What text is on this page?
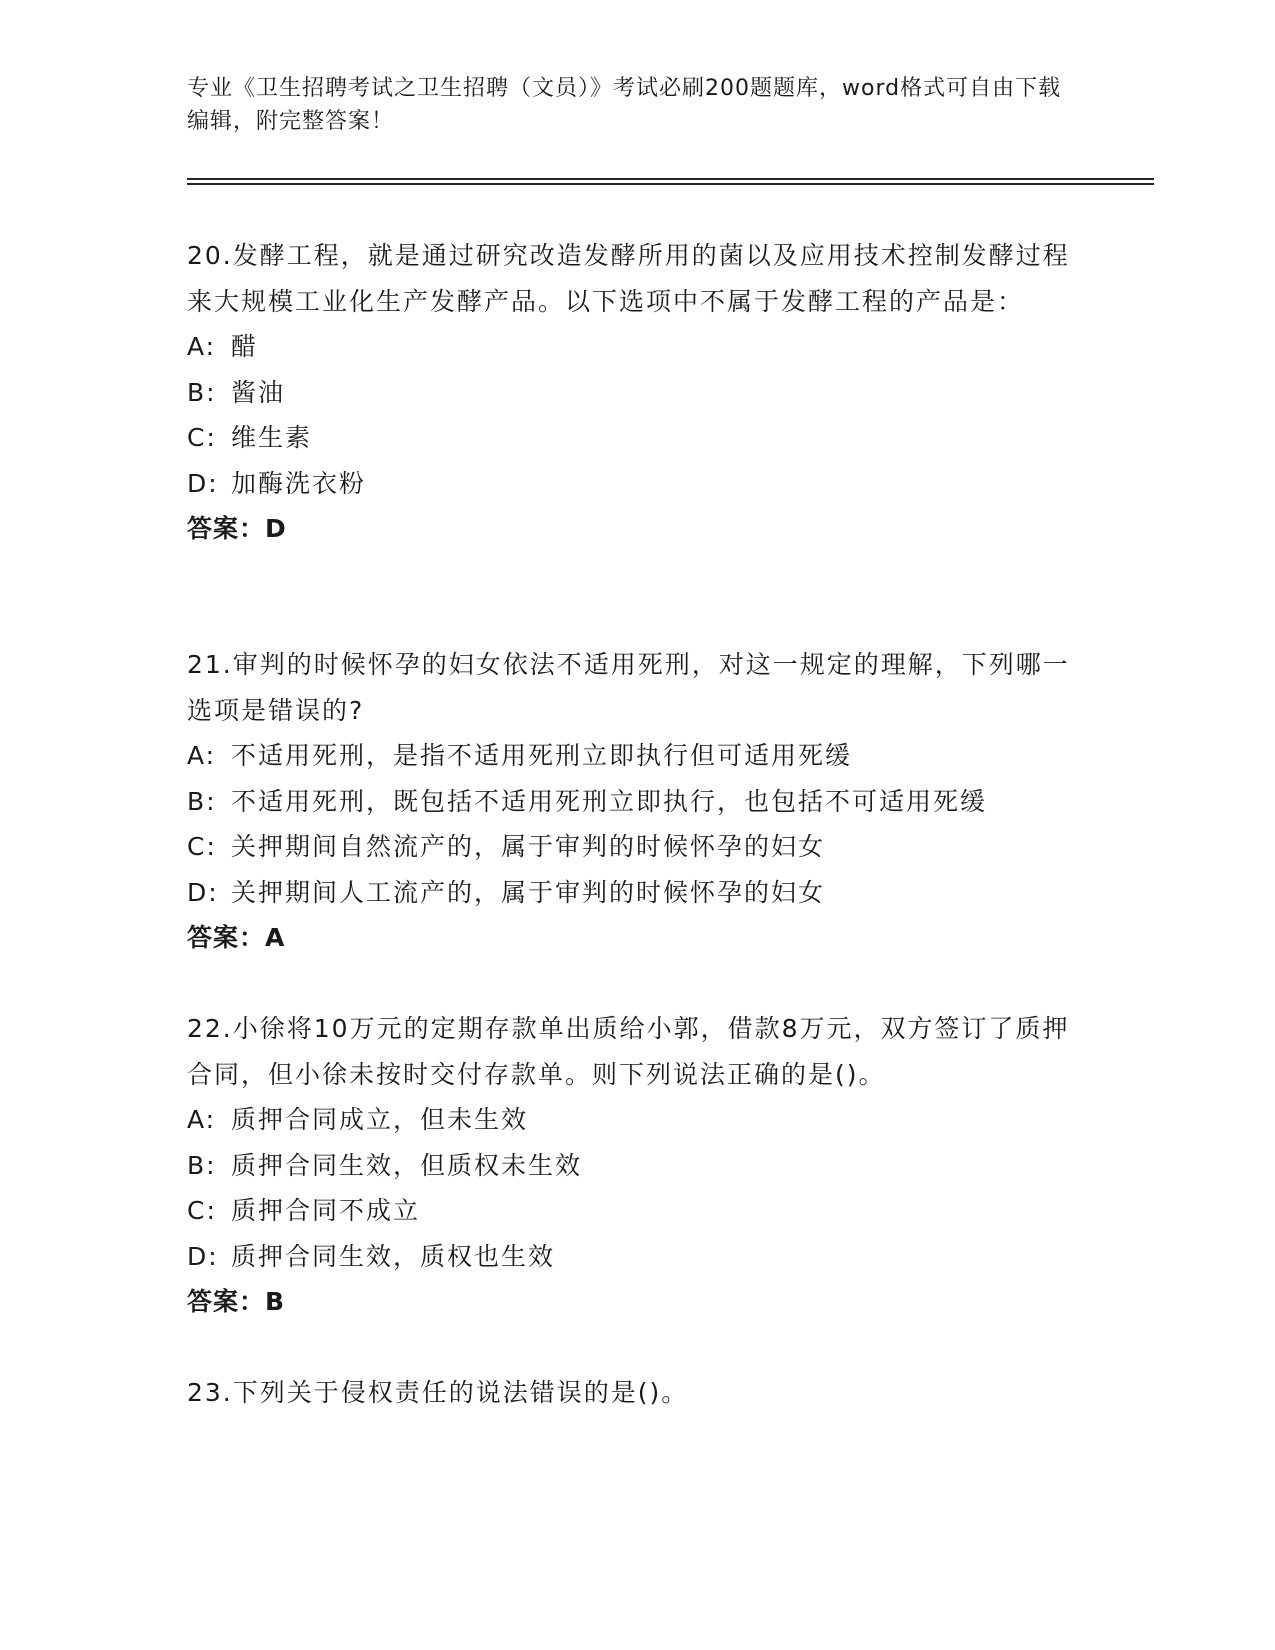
专业《卫生招聘考试之卫生招聘（文员）》考试必刷200题题库，word格式可自由下载编辑，附完整答案！

20.发酵工程，就是通过研究改造发酵所用的菌以及应用技术控制发酵过程来大规模工业化生产发酵产品。以下选项中不属于发酵工程的产品是：

A: 醋

B: 酱油

C: 维生素

D: 加酶洗衣粉

答案：D

21.审判的时候怀孕的妇女依法不适用死刑，对这一规定的理解，下列哪一选项是错误的?

A: 不适用死刑，是指不适用死刑立即执行但可适用死缓

B: 不适用死刑，既包括不适用死刑立即执行，也包括不可适用死缓

C: 关押期间自然流产的，属于审判的时候怀孕的妇女

D: 关押期间人工流产的，属于审判的时候怀孕的妇女

答案：A

22.小徐将10万元的定期存款单出质给小郭，借款8万元，双方签订了质押合同，但小徐未按时交付存款单。则下列说法正确的是()。

A: 质押合同成立，但未生效

B: 质押合同生效，但质权未生效

C: 质押合同不成立

D: 质押合同生效，质权也生效

答案：B

23.下列关于侵权责任的说法错误的是()。
